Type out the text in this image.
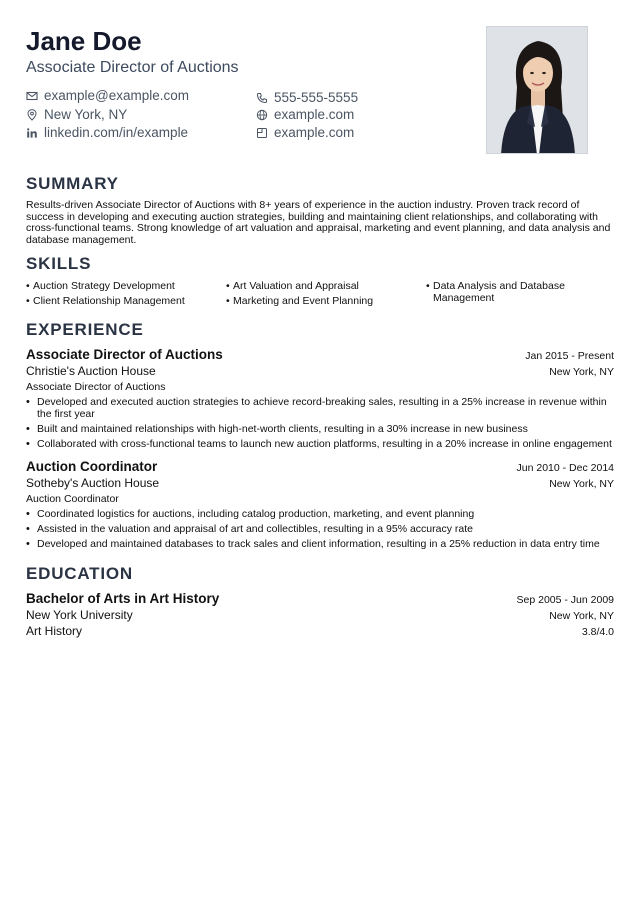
Jane Doe
Associate Director of Auctions
example@example.com	555-555-5555
New York, NY	example.com
linkedin.com/in/example	example.com
SUMMARY
Results-driven Associate Director of Auctions with 8+ years of experience in the auction industry. Proven track record of success in developing and executing auction strategies, building and maintaining client relationships, and collaborating with cross-functional teams. Strong knowledge of art valuation and appraisal, marketing and event planning, and data analysis and database management.
SKILLS
• Auction Strategy Development
• Client Relationship Management
• Art Valuation and Appraisal
• Marketing and Event Planning
• Data Analysis and Database Management
EXPERIENCE
Associate Director of Auctions	Jan 2015 - Present
Christie's Auction House	New York, NY
Associate Director of Auctions
• Developed and executed auction strategies to achieve record-breaking sales, resulting in a 25% increase in revenue within the first year
• Built and maintained relationships with high-net-worth clients, resulting in a 30% increase in new business
• Collaborated with cross-functional teams to launch new auction platforms, resulting in a 20% increase in online engagement
Auction Coordinator	Jun 2010 - Dec 2014
Sotheby's Auction House	New York, NY
Auction Coordinator
• Coordinated logistics for auctions, including catalog production, marketing, and event planning
• Assisted in the valuation and appraisal of art and collectibles, resulting in a 95% accuracy rate
• Developed and maintained databases to track sales and client information, resulting in a 25% reduction in data entry time
EDUCATION
Bachelor of Arts in Art History	Sep 2005 - Jun 2009
New York University	New York, NY
Art History	3.8/4.0
